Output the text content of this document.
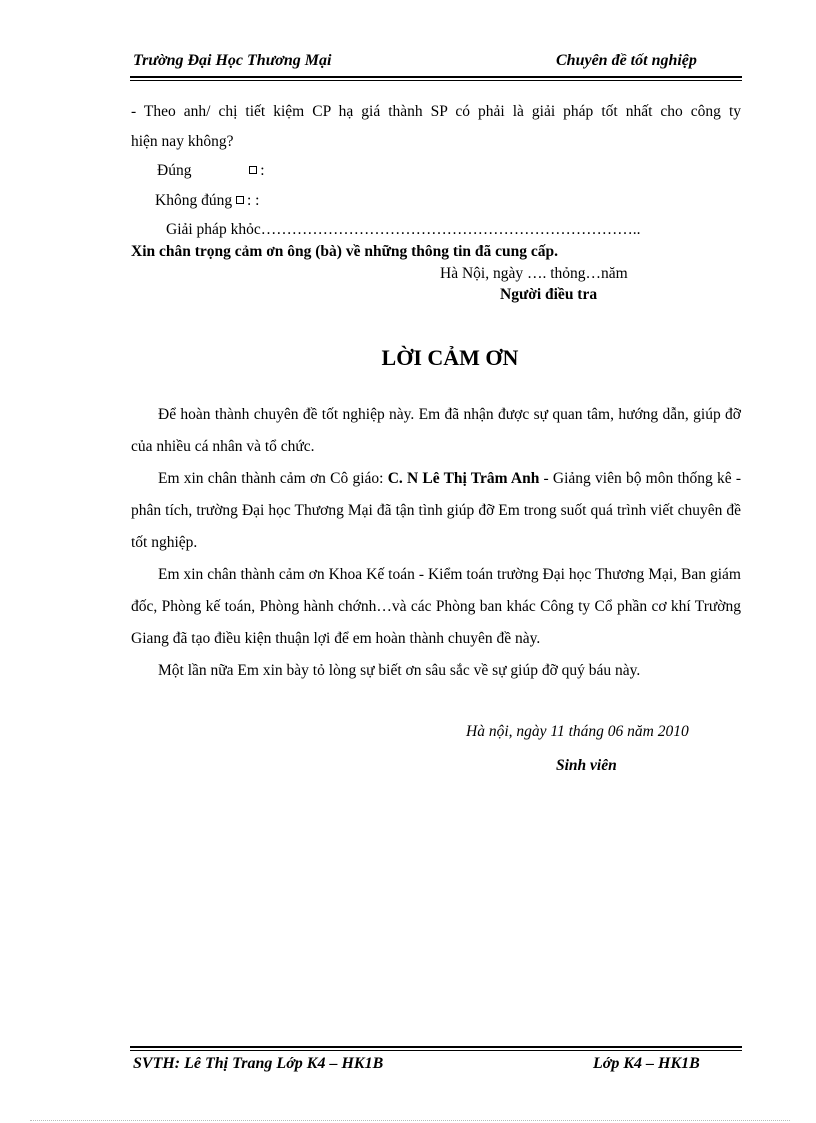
Trường Đại Học Thương Mại	Chuyên đề tốt nghiệp
- Theo anh/ chị tiết kiệm CP hạ giá thành SP có phải là giải pháp tốt nhất cho công ty
hiện nay không?
Đúng	:
Không đúng : :
Giải pháp khỏc………………………………………………………………..
Xin chân trọng cảm ơn ông (bà) về những thông tin đã cung cấp.
Hà Nội, ngày …. thỏng…năm
Người điều tra
LỜI CẢM ƠN

Để hoàn thành chuyên đề tốt nghiệp này. Em đã nhận được sự quan tâm, hướng dẫn, giúp đỡ của nhiều cá nhân và tổ chức.

Em xin chân thành cảm ơn Cô giáo: C. N Lê Thị Trâm Anh - Giảng viên bộ môn thống kê - phân tích, trường Đại học Thương Mại đã tận tình giúp đỡ Em trong suốt quá trình viết chuyên đề tốt nghiệp.

Em xin chân thành cảm ơn Khoa Kế toán - Kiểm toán trường Đại học Thương Mại, Ban giám đốc, Phòng kế toán, Phòng hành chớnh…và các Phòng ban khác Công ty Cổ phần cơ khí Trường Giang đã tạo điều kiện thuận lợi để em hoàn thành chuyên đề này.

Một lần nữa Em xin bày tỏ lòng sự biết ơn sâu sắc về sự giúp đỡ quý báu này.

Hà nội, ngày 11 tháng 06 năm 2010
Sinh viên
SVTH: Lê Thị Trang Lớp K4 – HK1B	Lớp K4 – HK1B
